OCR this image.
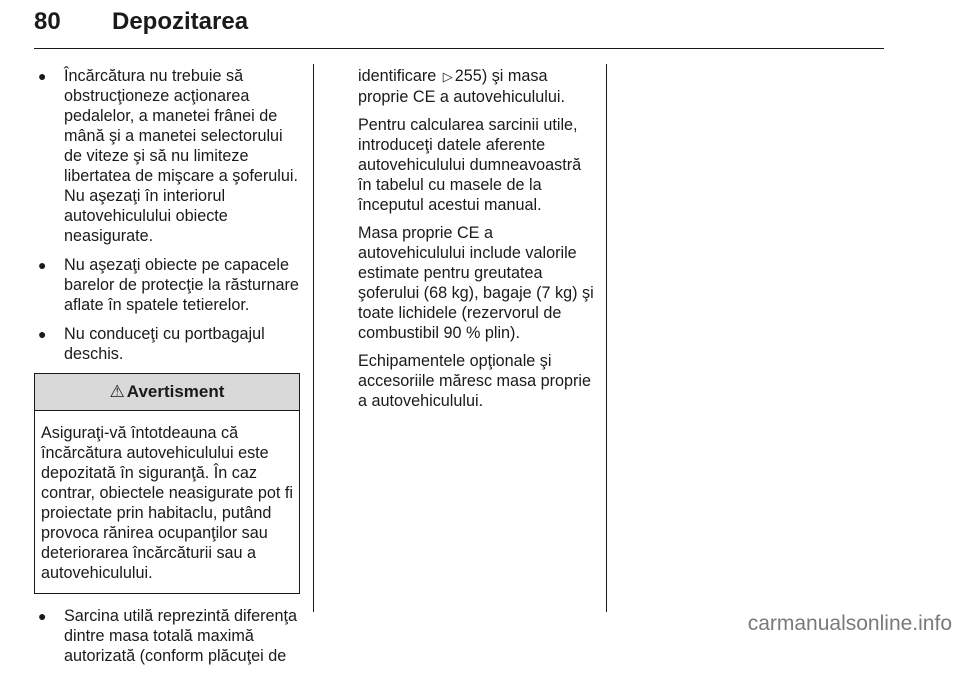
80 Depozitarea
● Încărcătura nu trebuie să obstrucţioneze acţionarea pedalelor, a manetei frânei de mână şi a manetei selectorului de viteze şi să nu limiteze libertatea de mişcare a şoferului. Nu aşezaţi în interiorul autovehiculului obiecte neasigurate.
● Nu aşezaţi obiecte pe capacele barelor de protecţie la răsturnare aflate în spatele tetierelor.
● Nu conduceţi cu portbagajul deschis.
⚠ Avertisment
Asiguraţi-vă întotdeauna că încărcătura autovehiculului este depozitată în siguranţă. În caz contrar, obiectele neasigurate pot fi proiectate prin habitaclu, putând provoca rănirea ocupanţilor sau deteriorarea încărcăturii sau a autovehiculului.
● Sarcina utilă reprezintă diferenţa dintre masa totală maximă autorizată (conform plăcuţei de

identificare ▷ 255) şi masa proprie CE a autovehiculului.

Pentru calcularea sarcinii utile, introduceţi datele aferente autovehiculului dumneavoastră în tabelul cu masele de la începutul acestui manual.

Masa proprie CE a autovehiculului include valorile estimate pentru greutatea şoferului (68 kg), bagaje (7 kg) şi toate lichidele (rezervorul de combustibil 90 % plin).

Echipamentele opţionale şi accesoriile măresc masa proprie a autovehiculului.

carmanualsonline.info
